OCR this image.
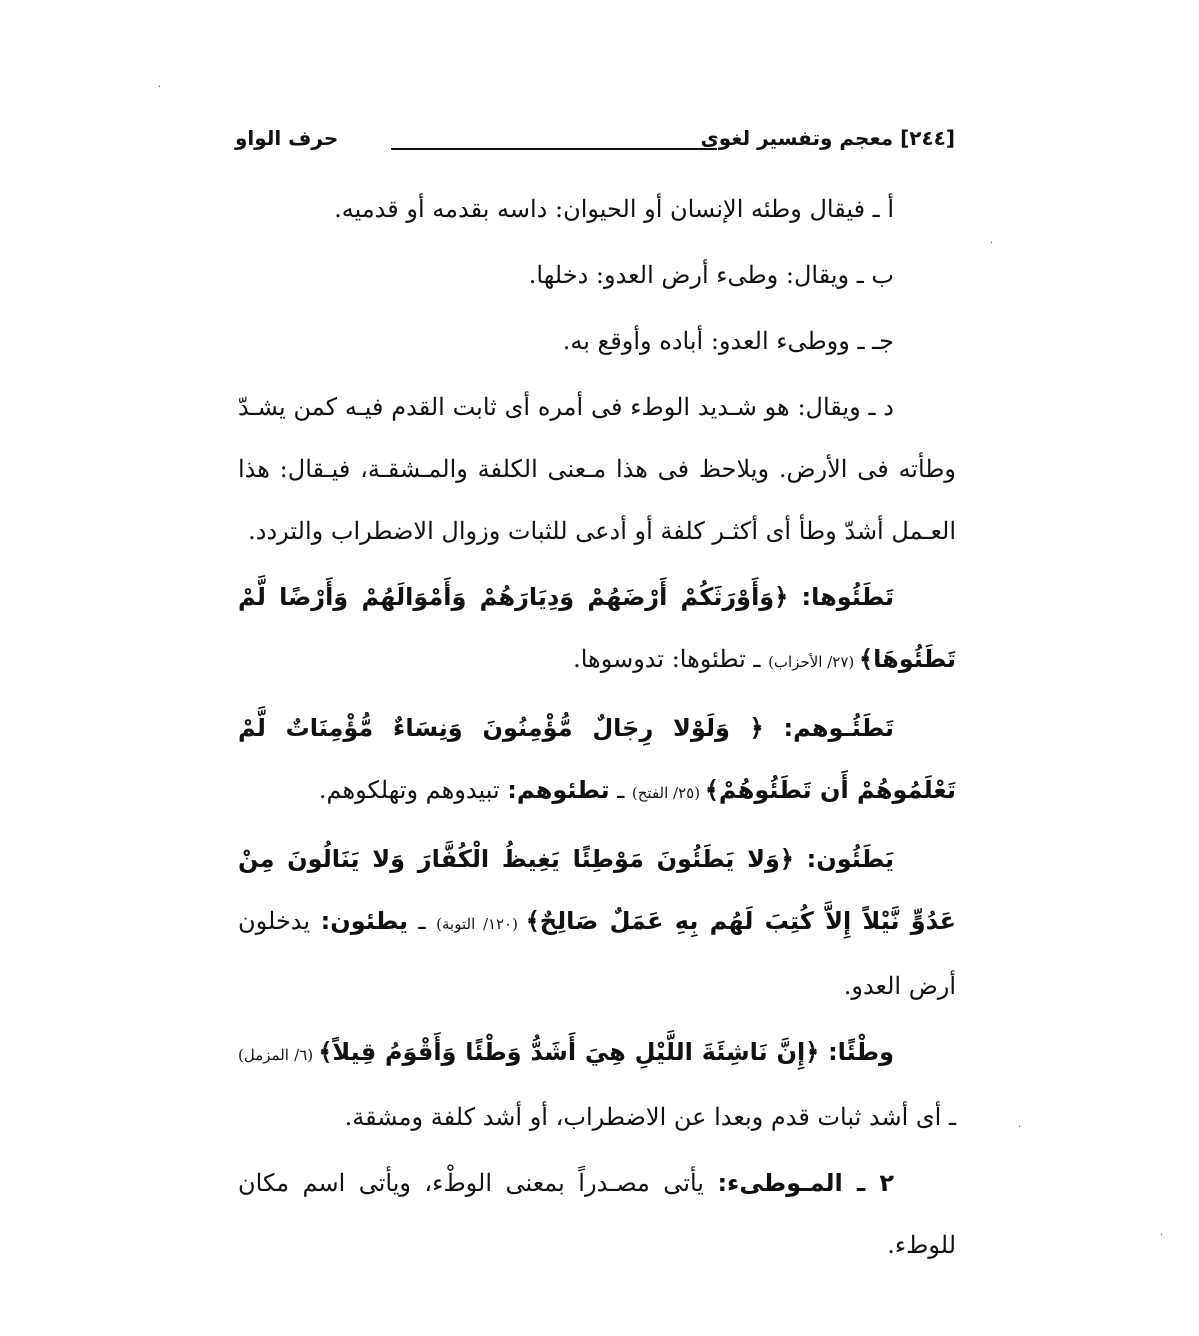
[٢٤٤] معجم وتفسير لغوى
حرف الواو

أ ـ فيقال وطئه الإنسان أو الحيوان: داسه بقدمه أو قدميه.

ب ـ ويقال: وطىء أرض العدو: دخلها.

جـ ـ ووطىء العدو: أباده وأوقع به.

د ـ ويقال: هو شـديد الوطء فى أمره أى ثابت القدم فيـه كمن يشـدّ وطأته فى الأرض. ويلاحظ فى هذا مـعنى الكلفة والمـشقـة، فيـقال: هذا العـمل أشدّ وطأ أى أكثـر كلفة أو أدعى للثبات وزوال الاضطراب والتردد.

تَطَئُوها: ﴿وَأَوْرَثَكُمْ أَرْضَهُمْ وَدِيَارَهُمْ وَأَمْوَالَهُمْ وَأَرْضًا لَّمْ تَطَئُوهَا﴾ (٢٧/ الأحزاب) ـ تطئوها: تدوسوها.

تَطَئُـوهم: ﴿ وَلَوْلا رِجَالٌ مُّؤْمِنُونَ وَنِسَاءٌ مُّؤْمِنَاتٌ لَّمْ تَعْلَمُوهُمْ أَن تَطَئُوهُمْ﴾ (٢٥/ الفتح) ـ تطئوهم: تبيدوهم وتهلكوهم.

يَطَئُون: ﴿وَلا يَطَئُونَ مَوْطِئًا يَغِيظُ الْكُفَّارَ وَلا يَنَالُونَ مِنْ عَدُوٍّ نَّيْلاً إِلاَّ كُتِبَ لَهُم بِهِ عَمَلٌ صَالِحٌ﴾ (١٢٠/ التوبة) ـ يطئون: يدخلون أرض العدو.

وطْئًا: ﴿إِنَّ نَاشِئَةَ اللَّيْلِ هِيَ أَشَدُّ وَطْئًا وَأَقْوَمُ قِيلاً﴾ (٦/ المزمل) ـ أى أشد ثبات قدم وبعدا عن الاضطراب، أو أشد كلفة ومشقة.

٢ ـ المـوطىء: يأتى مصـدراً بمعنى الوطْء، ويأتى اسم مكان للوطء.

·
·
·
·
